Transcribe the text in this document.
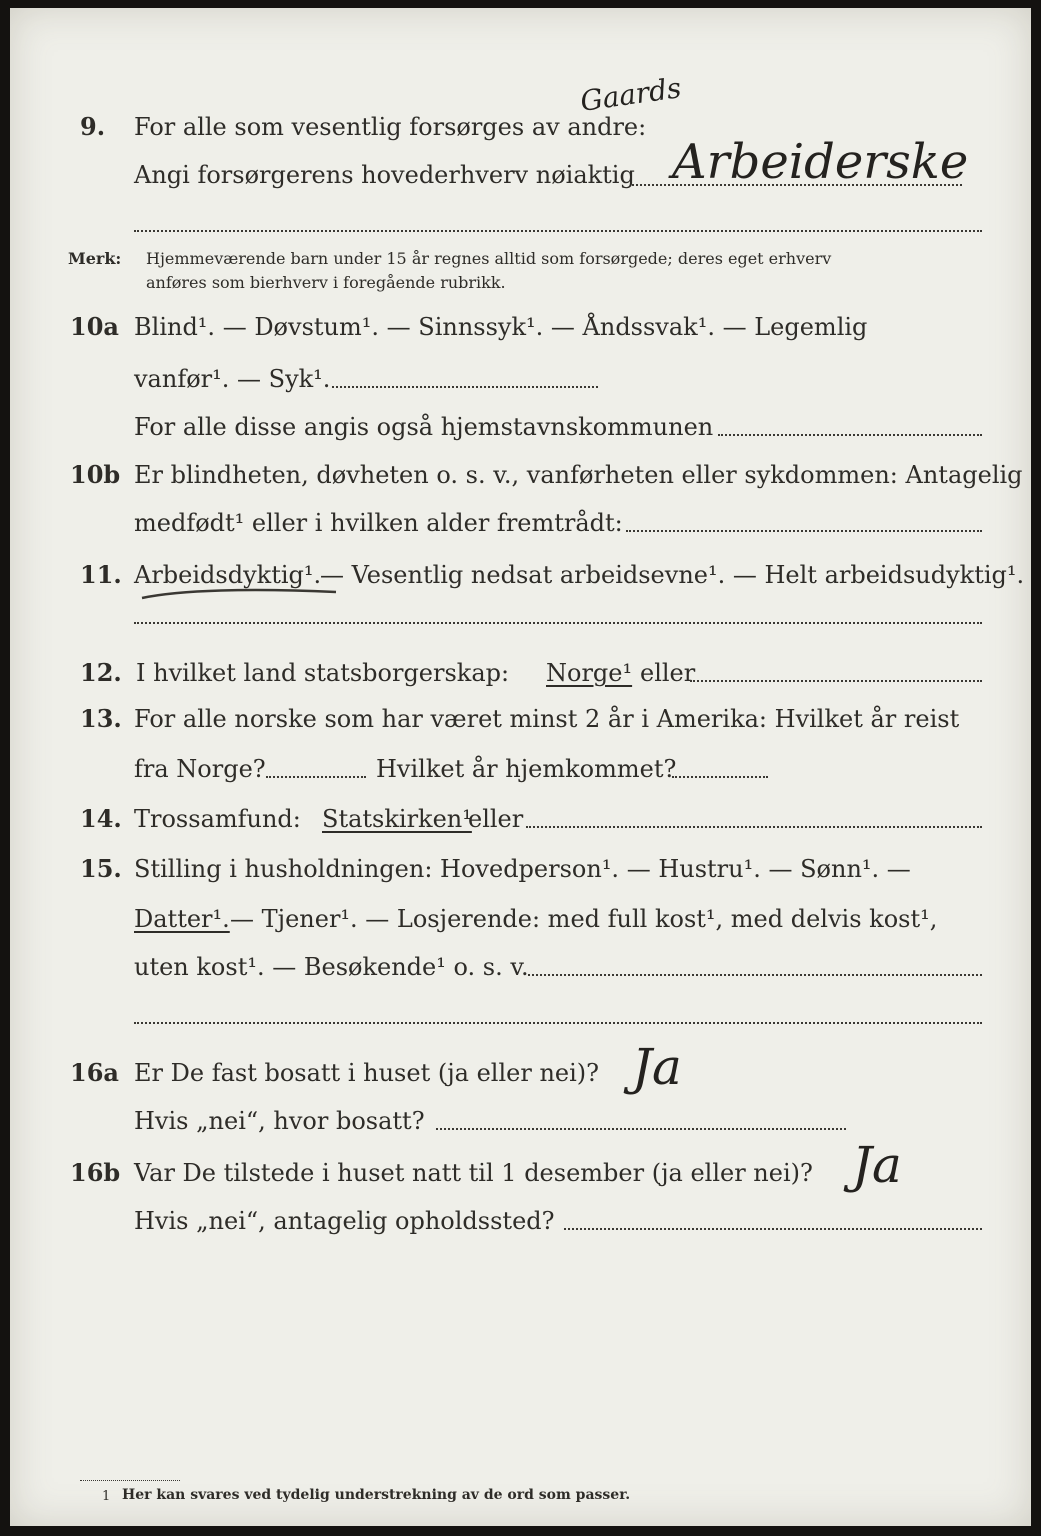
9. For alle som vesentlig forsørges av andre:
Angi forsørgerens hovederhverv nøiaktig
Gaards
Arbeiderske
Merk: Hjemmeværende barn under 15 år regnes alltid som forsørgede; deres eget erhverv
anføres som bierhverv i foregående rubrikk.
10a Blind¹. — Døvstum¹. — Sinnssyk¹. — Åndssvak¹. — Legemlig
vanfør¹. — Syk¹.
For alle disse angis også hjemstavnskommunen
10b Er blindheten, døvheten o. s. v., vanførheten eller sykdommen: Antagelig
medfødt¹ eller i hvilken alder fremtrådt:
11. Arbeidsdyktig¹.
— Vesentlig nedsat arbeidsevne¹. — Helt arbeidsudyktig¹.
12. I hvilket land statsborgerskap: Norge¹ eller
13. For alle norske som har været minst 2 år i Amerika: Hvilket år reist
fra Norge?	Hvilket år hjemkommet?
14. Trossamfund: Statskirken¹
eller
15. Stilling i husholdningen: Hovedperson¹. — Hustru¹. — Sønn¹. —
Datter¹. — Tjener¹. — Losjerende: med full kost¹, med delvis kost¹,
uten kost¹. — Besøkende¹ o. s. v.
16a Er De fast bosatt i huset (ja eller nei)? Ja
Hvis „nei“, hvor bosatt?
16b Var De tilstede i huset natt til 1 desember (ja eller nei)? Ja
Hvis „nei“, antagelig opholdssted?
1 Her kan svares ved tydelig understrekning av de ord som passer.
